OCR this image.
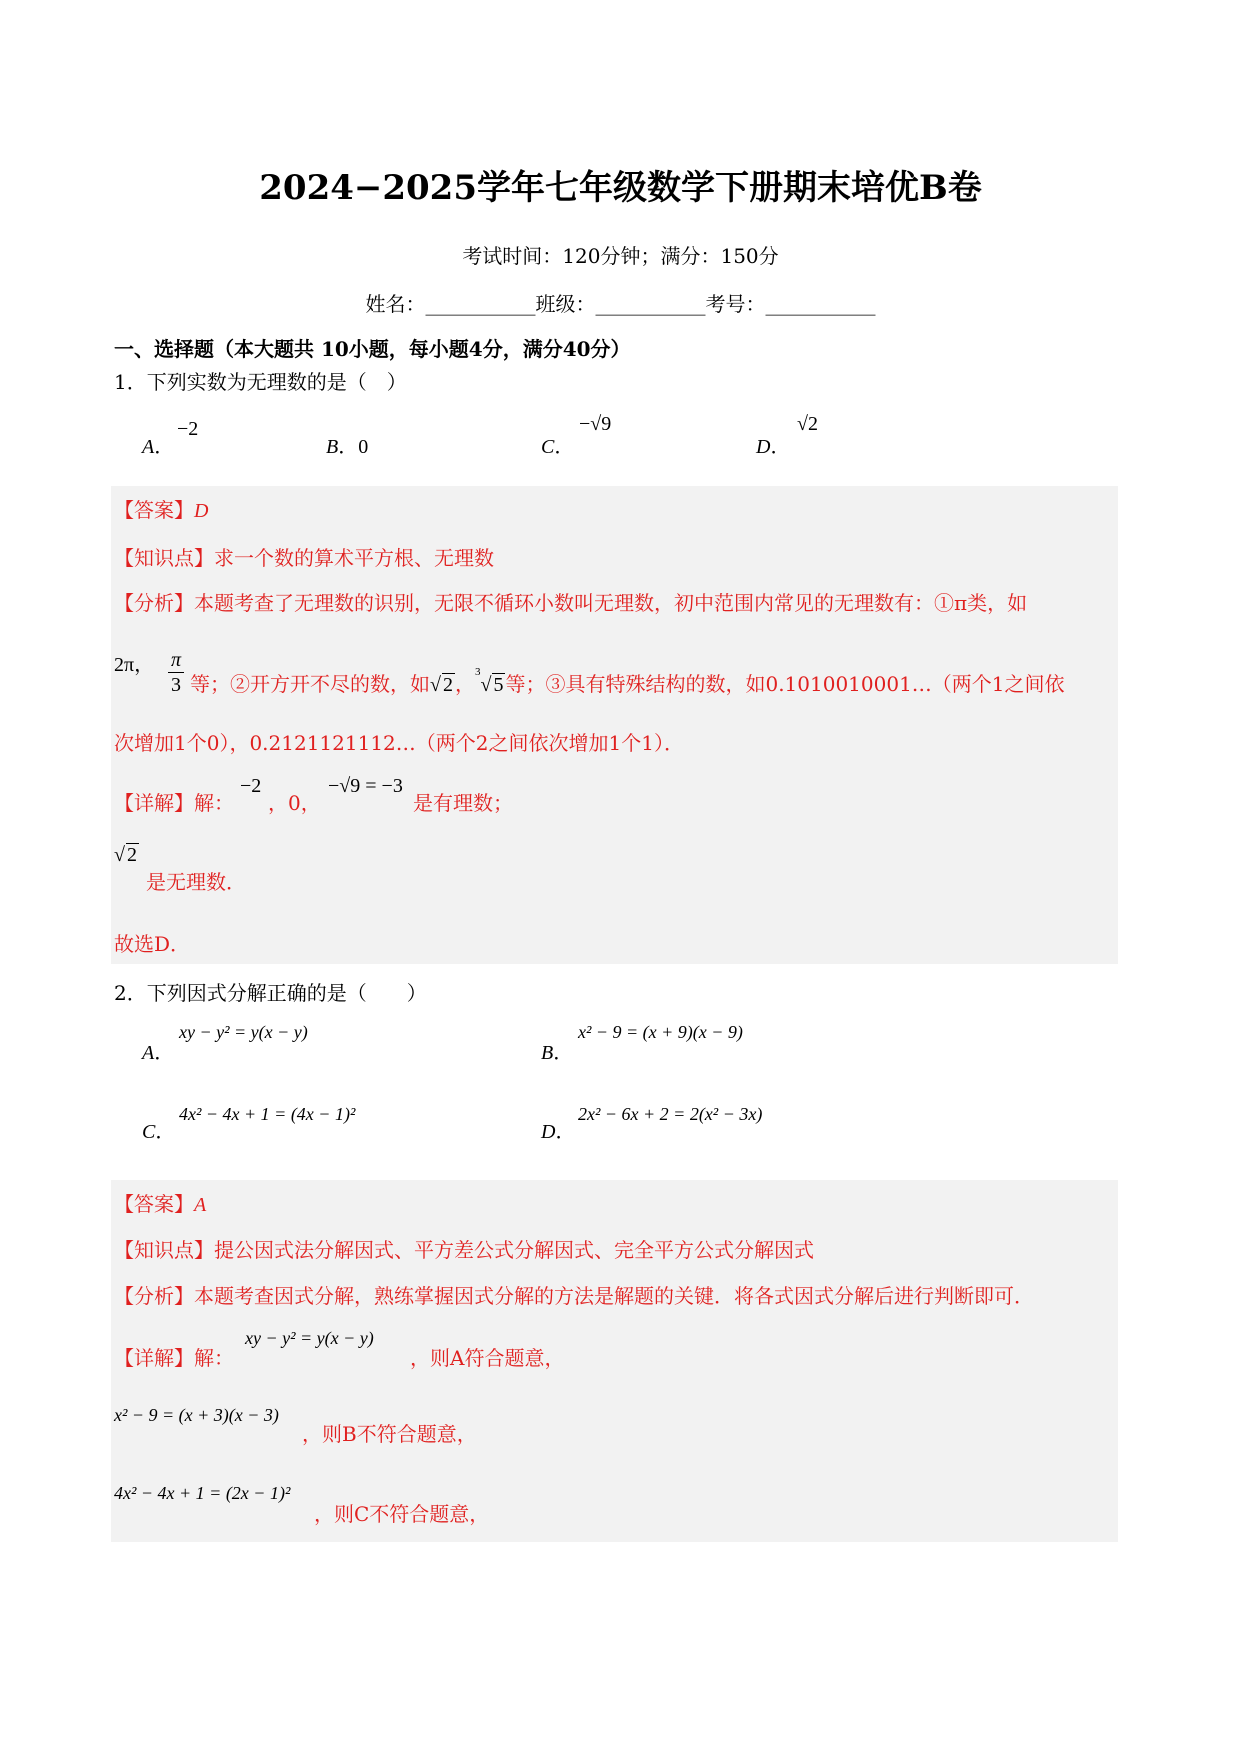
2024−2025学年七年级数学下册期末培优B卷
考试时间：120分钟；满分：150分
姓名：___________班级：___________考号：___________
一、选择题（本大题共 10小题，每小题4分，满分40分）
1．下列实数为无理数的是（　）
A．
−2
B．0	C．
−√9
D．
√2
【答案】D
【知识点】求一个数的算术平方根、无理数
【分析】本题考查了无理数的识别，无限不循环小数叫无理数，初中范围内常见的无理数有：①π类，如
2π， $\frac{\pi}{3}$ 等；②开方开不尽的数，如√ 2 ，$^3$√ 5 等；③具有特殊结构的数，如0.1010010001…（两个1之间依
次增加1个0），0.2121121112…（两个2之间依次增加1个1）．
【详解】解：
−2
，0，
−√9 = −3
是有理数；
√ 2
是无理数．
故选D．
2．下列因式分解正确的是（　　）
A．
xy − y² = y(x − y)
B．
x² − 9 = (x + 9)(x − 9)
C．
4x² − 4x + 1 = (4x − 1)²
D．
2x² − 6x + 2 = 2(x² − 3x)
【答案】A
【知识点】提公因式法分解因式、平方差公式分解因式、完全平方公式分解因式
【分析】本题考查因式分解，熟练掌握因式分解的方法是解题的关键．将各式因式分解后进行判断即可．
【详解】解：
xy − y² = y(x − y)
，则A符合题意，
x² − 9 = (x + 3)(x − 3)
，则B不符合题意，
4x² − 4x + 1 = (2x − 1)²
，则C不符合题意，
